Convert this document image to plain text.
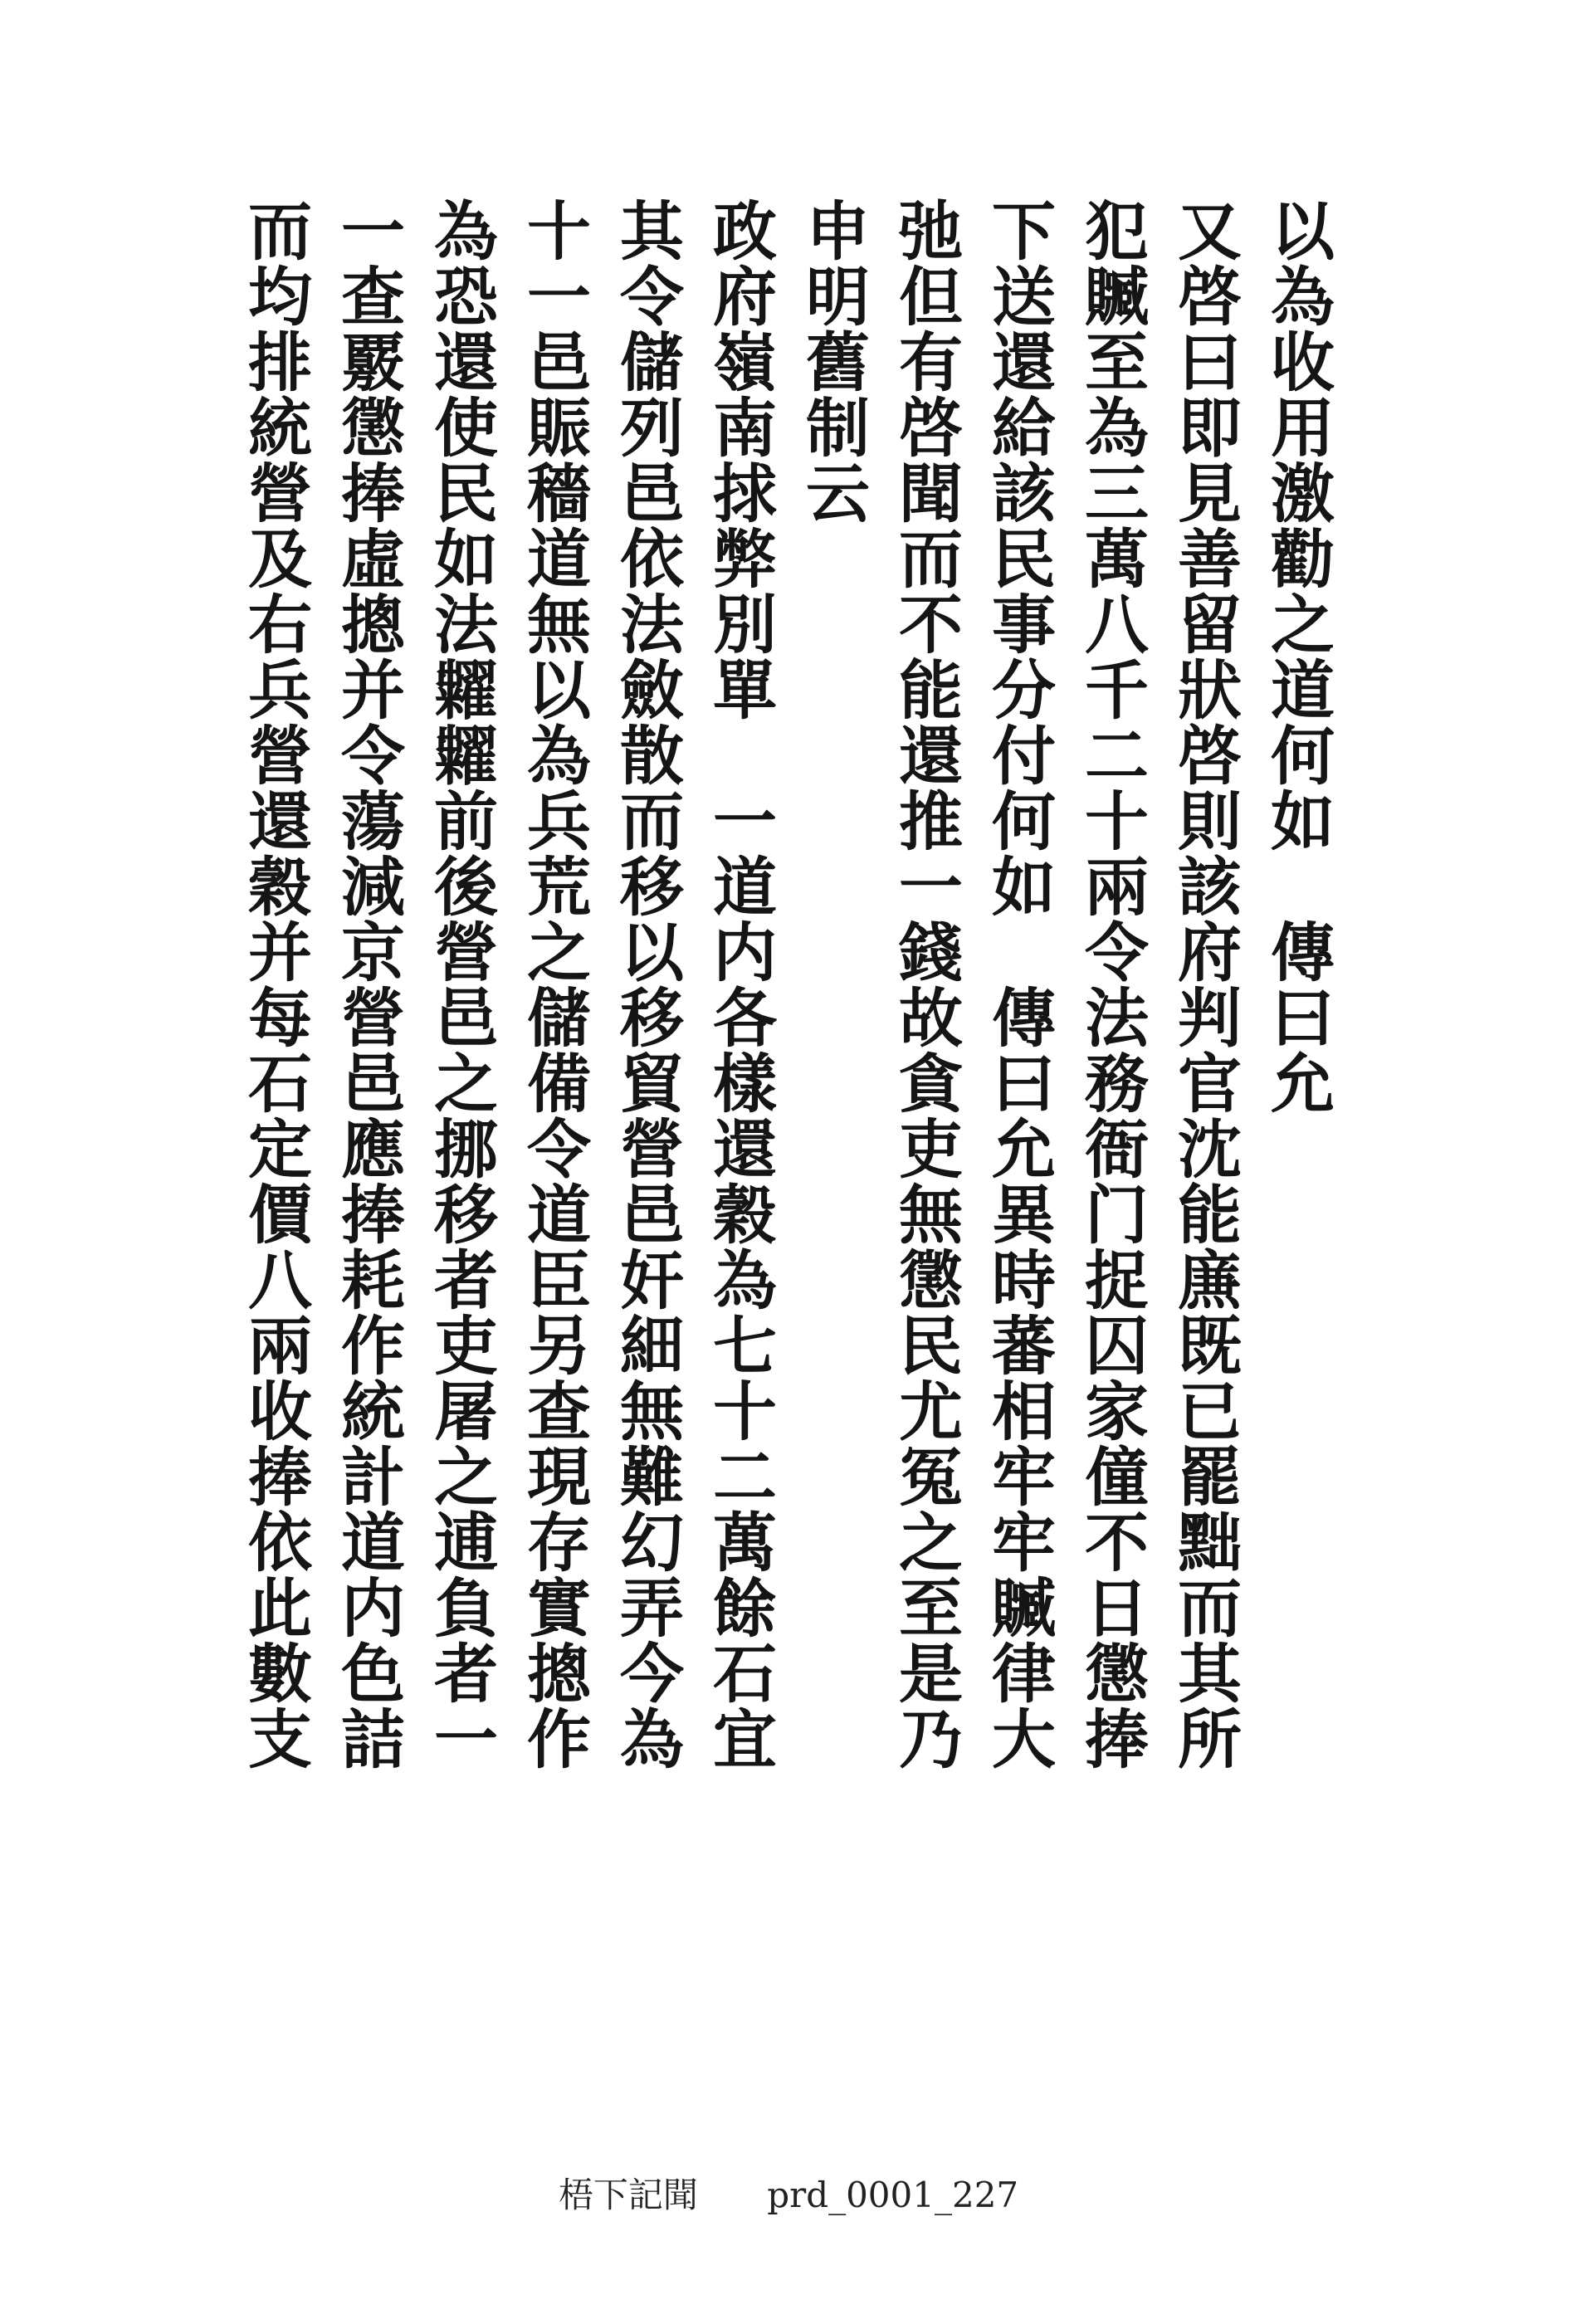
以為收用激勸之道何如　傳曰允
又啓曰即見善留狀啓則該府判官沈能㢘既已罷黜而其所
犯贓至為三萬八千二十兩令法務衙门捉囚家僮不日懲捧
下送還給該民事分付何如　傳曰允異時蕃相牢牢贓律大
弛但有啓聞而不能還推一錢故貪吏無懲民尤冤之至是乃
申明舊制云
政府嶺南捄弊別單　一道内各樣還穀為七十二萬餘石宜
其令儲列邑依法斂散而移以移貿營邑奸細無難幻弄今為
十一邑賑穡道無以為兵荒之儲備令道臣另查現存實摠作
為恐還使民如法糶糶前後營邑之挪移者吏屠之逋負者一
一查覈懲捧虛摠并令蕩減京營邑應捧耗作統計道内色詰
而均排統營及右兵營還穀并每石定價八兩收捧依此數支
梧下記聞 prd_0001_227
